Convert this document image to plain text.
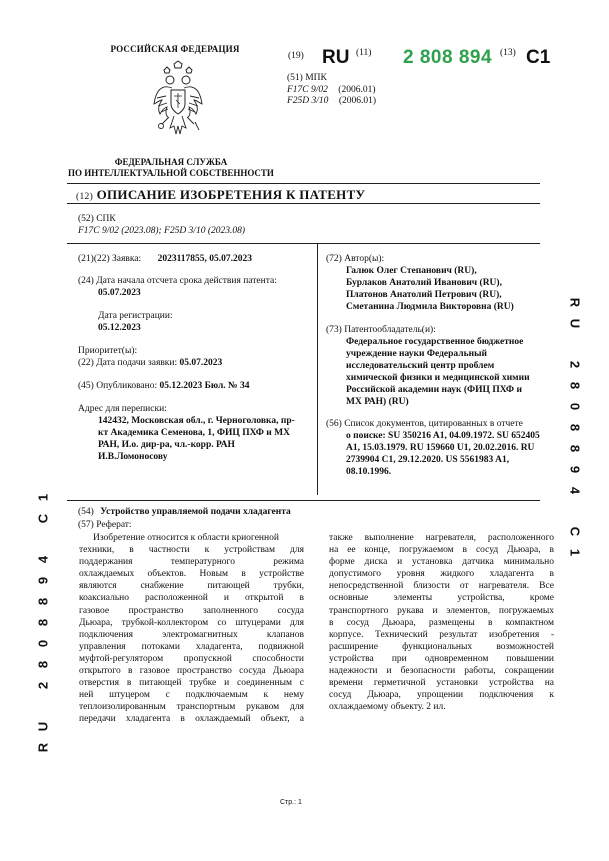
РОССИЙСКАЯ ФЕДЕРАЦИЯ
ФЕДЕРАЛЬНАЯ СЛУЖБА
ПО ИНТЕЛЛЕКТУАЛЬНОЙ СОБСТВЕННОСТИ
(19) RU (11) 2 808 894 (13) C1
(51) МПК
F17C 9/02 (2006.01)
F25D 3/10 (2006.01)
(12) ОПИСАНИЕ ИЗОБРЕТЕНИЯ К ПАТЕНТУ
(52) СПК
F17C 9/02 (2023.08); F25D 3/10 (2023.08)
(21)(22) Заявка: 2023117855, 05.07.2023
(24) Дата начала отсчета срока действия патента:
05.07.2023
Дата регистрации:
05.12.2023
Приоритет(ы):
(22) Дата подачи заявки: 05.07.2023
(45) Опубликовано: 05.12.2023 Бюл. № 34
Адрес для переписки:
142432, Московская обл., г. Черноголовка, пр-
кт Академика Семенова, 1, ФИЦ ПХФ и МХ
РАН, И.о. дир-ра, чл.-корр. РАН
И.В.Ломоносову
(72) Автор(ы):
Галюк Олег Степанович (RU),
Бурлаков Анатолий Иванович (RU),
Платонов Анатолий Петрович (RU),
Сметанина Людмила Викторовна (RU)
(73) Патентообладатель(и):
Федеральное государственное бюджетное
учреждение науки Федеральный
исследовательский центр проблем
химической физики и медицинской химии
Российской академии наук (ФИЦ ПХФ и
МХ РАН) (RU)
(56) Список документов, цитированных в отчете
о поиске: SU 350216 A1, 04.09.1972. SU 652405
A1, 15.03.1979. RU 159660 U1, 20.02.2016. RU
2739904 C1, 29.12.2020. US 5561983 A1,
08.10.1996.
R
U
2
8
0
8
8
9
4
C
1
1
C
4
9
8
8
0
8
2
U
R
(54) Устройство управляемой подачи хладагента
(57) Реферат:
Изобретение относится к области криогенной
техники, в частности к устройствам для
поддержания температурного режима
охлаждаемых объектов. Новым в устройстве
являются снабжение питающей трубки,
коаксиально расположенной и открытой в
газовое пространство заполненного сосуда
Дьюара, трубкой-коллектором со штуцерами для
подключения электромагнитных клапанов
управления потоками хладагента, подвижной
муфтой-регулятором пропускной способности
открытого в газовое пространство сосуда Дьюара
отверстия в питающей трубке и соединенным с
ней штуцером с подключаемым к нему
теплоизолированным транспортным рукавом для
передачи хладагента в охлаждаемый объект, а
также выполнение нагревателя, расположенного
на ее конце, погружаемом в сосуд Дьюара, в
форме диска и установка датчика минимально
допустимого уровня жидкого хладагента в
непосредственной близости от нагревателя. Все
основные элементы устройства, кроме
транспортного рукава и элементов, погружаемых
в сосуд Дьюара, размещены в компактном
корпусе. Технический результат изобретения -
расширение функциональных возможностей
устройства при одновременном повышении
надежности и безопасности работы, сокращении
времени герметичной установки устройства на
сосуд Дьюара, упрощении подключения к
охлаждаемому объекту. 2 ил.
Стр.: 1
